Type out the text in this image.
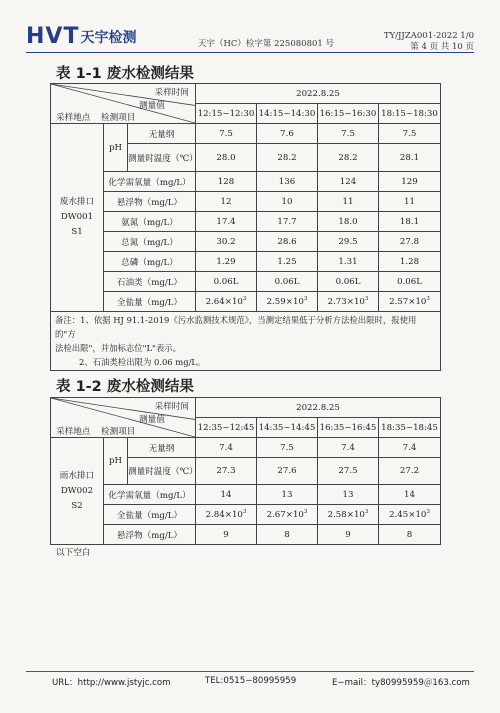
HVT 天宇检测	天宇（HC）检字第 225080801 号
TY/JJZA001-2022 1/0
第 4 页 共 10 页
表 1-1 废水检测结果
采样时间
测量值
检测项目
采样地点			2022.8.25			
			12:15~12:30	14:15~14:30	16:15~16:30	18:15~18:30

废水排口
DW001
S1	pH	无量纲	7.5	7.6	7.5	7.5
		测量时温度（℃）	28.0	28.2	28.2	28.1
	化学需氧量（mg/L）		128	136	124	129
	悬浮物（mg/L）		12	10	11	11
	氨氮（mg/L）		17.4	17.7	18.0	18.1
	总氮（mg/L）		30.2	28.6	29.5	27.8
	总磷（mg/L）		1.29	1.25	1.31	1.28
	石油类（mg/L）		0.06L	0.06L	0.06L	0.06L
	全盐量（mg/L）		$2.64\times 10^3$	$2.59\times 10^3$	$2.73\times 10^3$	$2.57\times 10^3$

备注：1、依据 HJ 91.1-2019《污水监测技术规范》，当测定结果低于分析方法检出限时，报使用的"方
法检出限"，并加标志位"L"表示。
2、石油类检出限为 0.06 mg/L。						
表 1-2 废水检测结果
采样时间
测量值
检测项目
采样地点			2022.8.25			
			12:35~12:45	14:35~14:45	16:35~16:45	18:35~18:45

雨水排口
DW002
S2	pH	无量纲	7.4	7.5	7.4	7.4
		测量时温度（℃）	27.3	27.6	27.5	27.2
	化学需氧量（mg/L）		14	13	13	14
	全盐量（mg/L）		$2.84\times 10^3$	$2.67\times 10^3$	$2.58\times 10^3$	$2.45\times 10^3$
	悬浮物（mg/L）		9	8	9	8
以下空白
URL：http://www.jstyjc.com	TEL:0515−80995959	E−mail：ty80995959＠163.com
